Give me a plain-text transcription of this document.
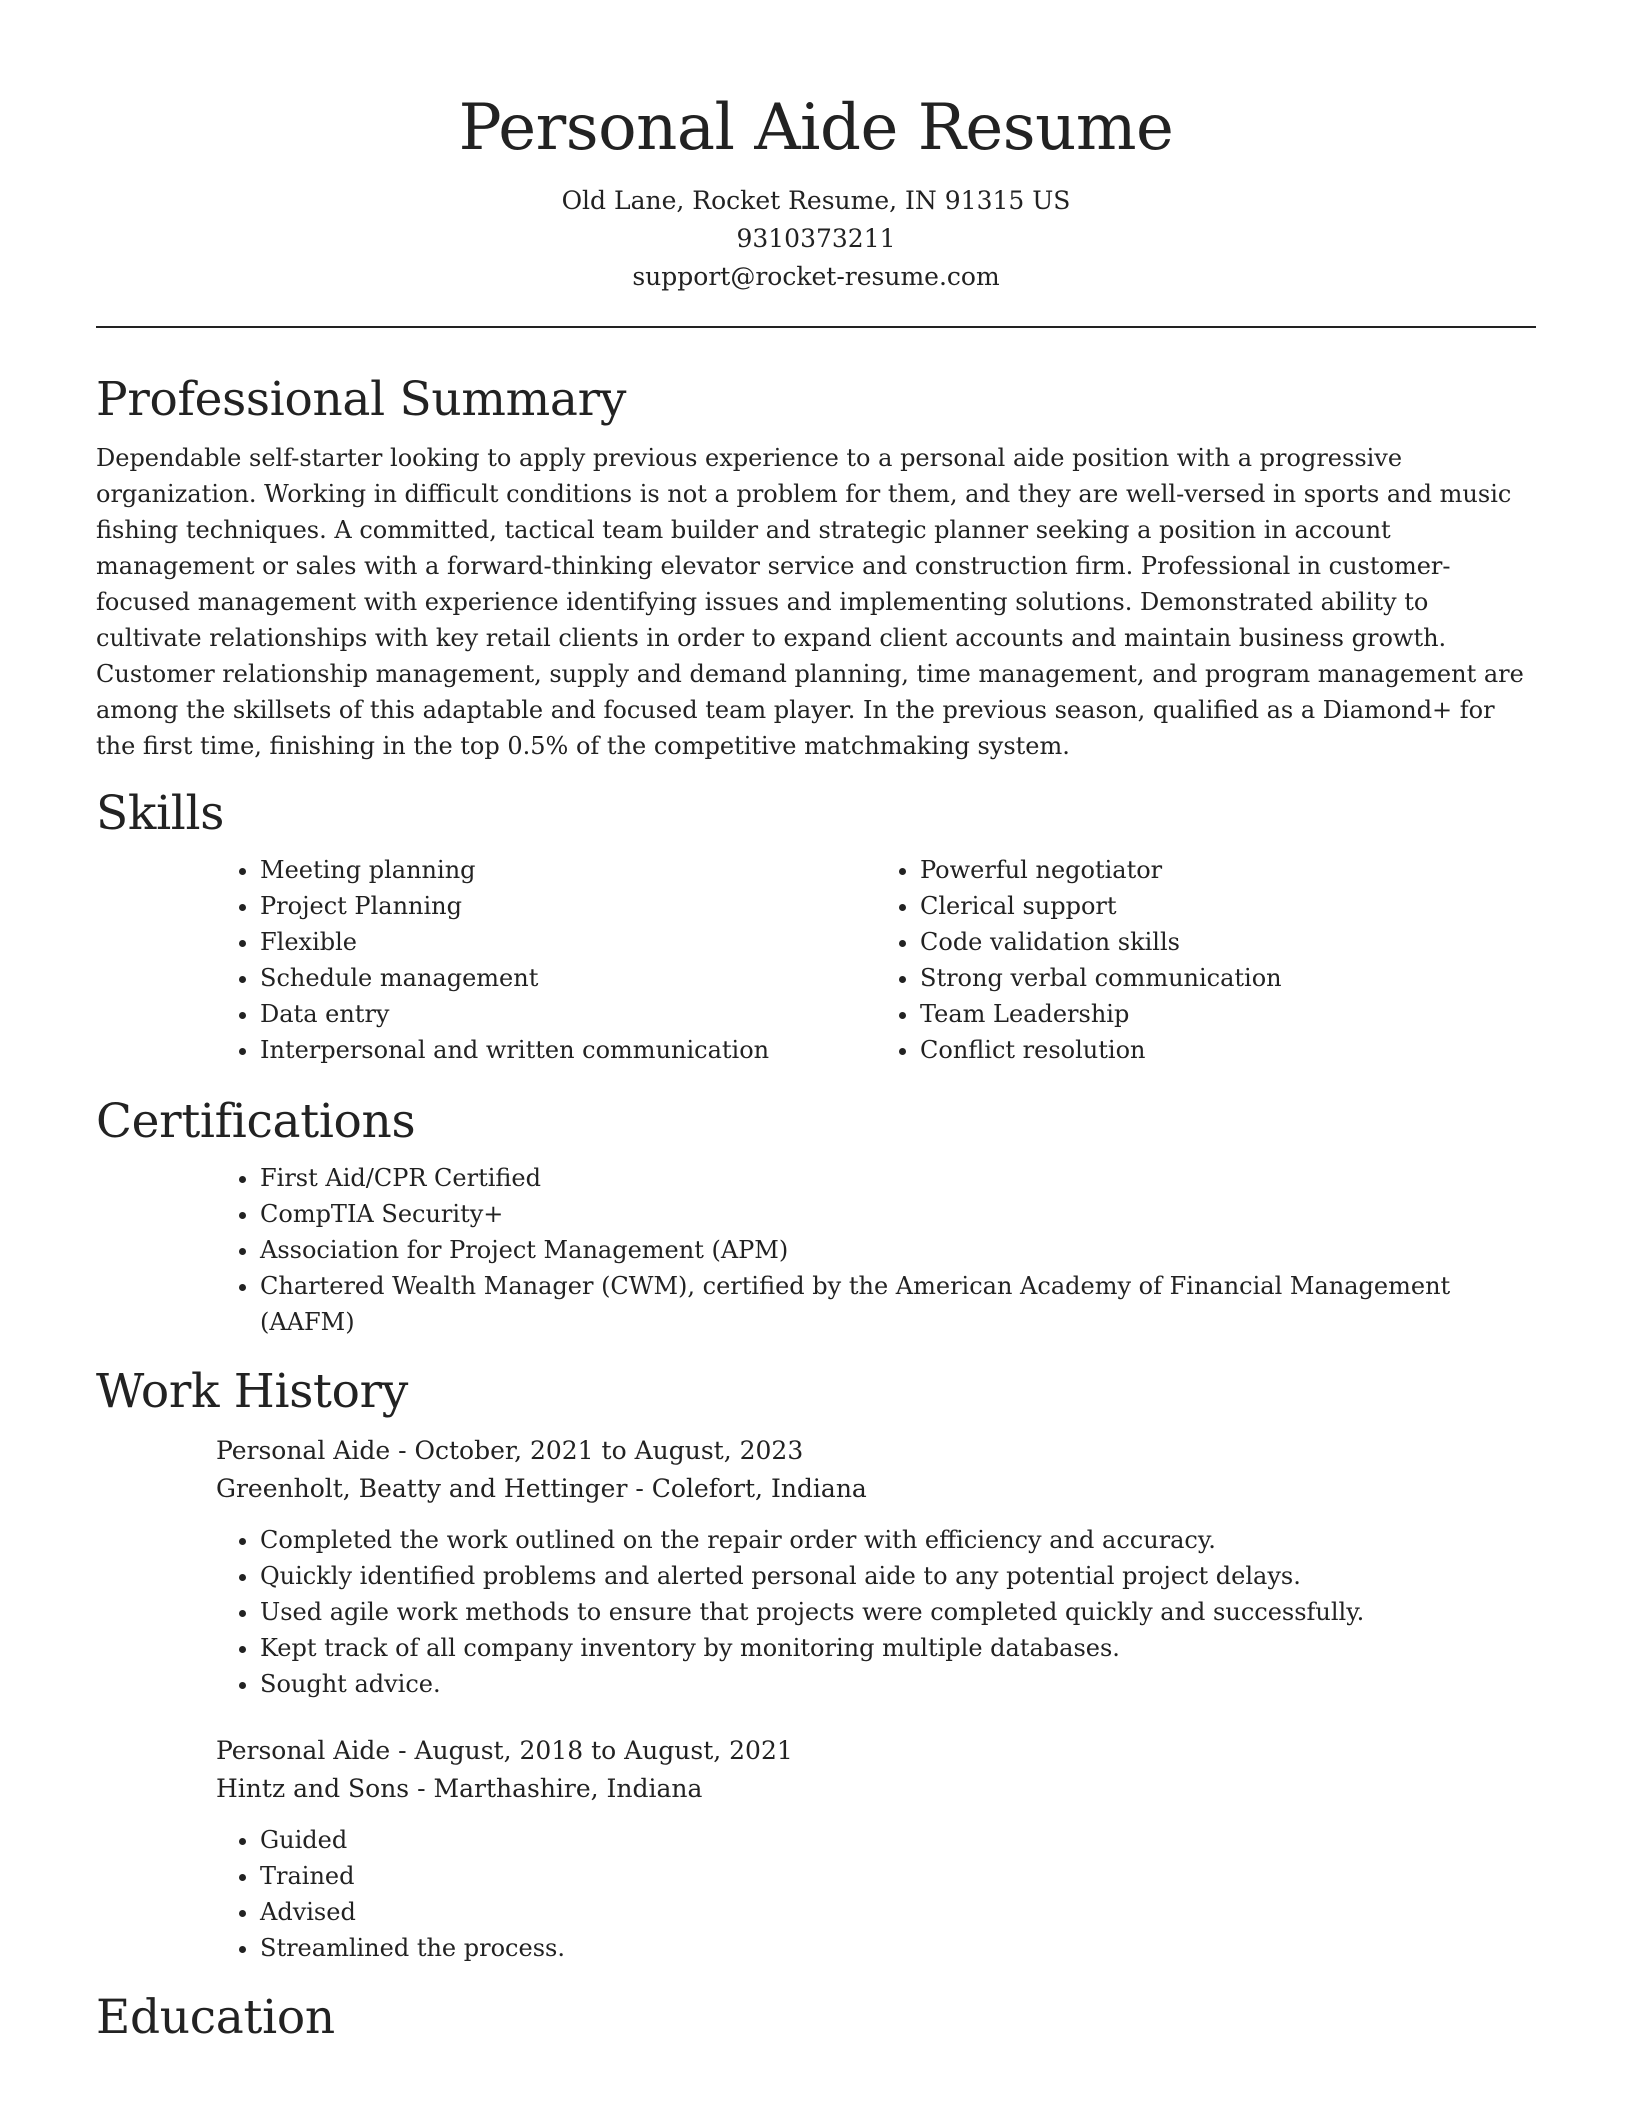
Personal Aide Resume
Old Lane, Rocket Resume, IN 91315 US
9310373211
support@rocket-resume.com
Professional Summary

Dependable self-starter looking to apply previous experience to a personal aide position with a progressive organization. Working in difficult conditions is not a problem for them, and they are well-versed in sports and music fishing techniques. A committed, tactical team builder and strategic planner seeking a position in account management or sales with a forward-thinking elevator service and construction firm. Professional in customer-focused management with experience identifying issues and implementing solutions. Demonstrated ability to cultivate relationships with key retail clients in order to expand client accounts and maintain business growth. Customer relationship management, supply and demand planning, time management, and program management are among the skillsets of this adaptable and focused team player. In the previous season, qualified as a Diamond+ for the first time, finishing in the top 0.5% of the competitive matchmaking system.

Skills
• Meeting planning
• Project Planning
• Flexible
• Schedule management
• Data entry
• Interpersonal and written communication
• Powerful negotiator
• Clerical support
• Code validation skills
• Strong verbal communication
• Team Leadership
• Conflict resolution
Certifications
• First Aid/CPR Certified
• CompTIA Security+
• Association for Project Management (APM)
• Chartered Wealth Manager (CWM), certified by the American Academy of Financial Management (AAFM)
Work History
Personal Aide - October, 2021 to August, 2023
Greenholt, Beatty and Hettinger - Colefort, Indiana
• Completed the work outlined on the repair order with efficiency and accuracy.
• Quickly identified problems and alerted personal aide to any potential project delays.
• Used agile work methods to ensure that projects were completed quickly and successfully.
• Kept track of all company inventory by monitoring multiple databases.
• Sought advice.
Personal Aide - August, 2018 to August, 2021
Hintz and Sons - Marthashire, Indiana
• Guided
• Trained
• Advised
• Streamlined the process.
Education
